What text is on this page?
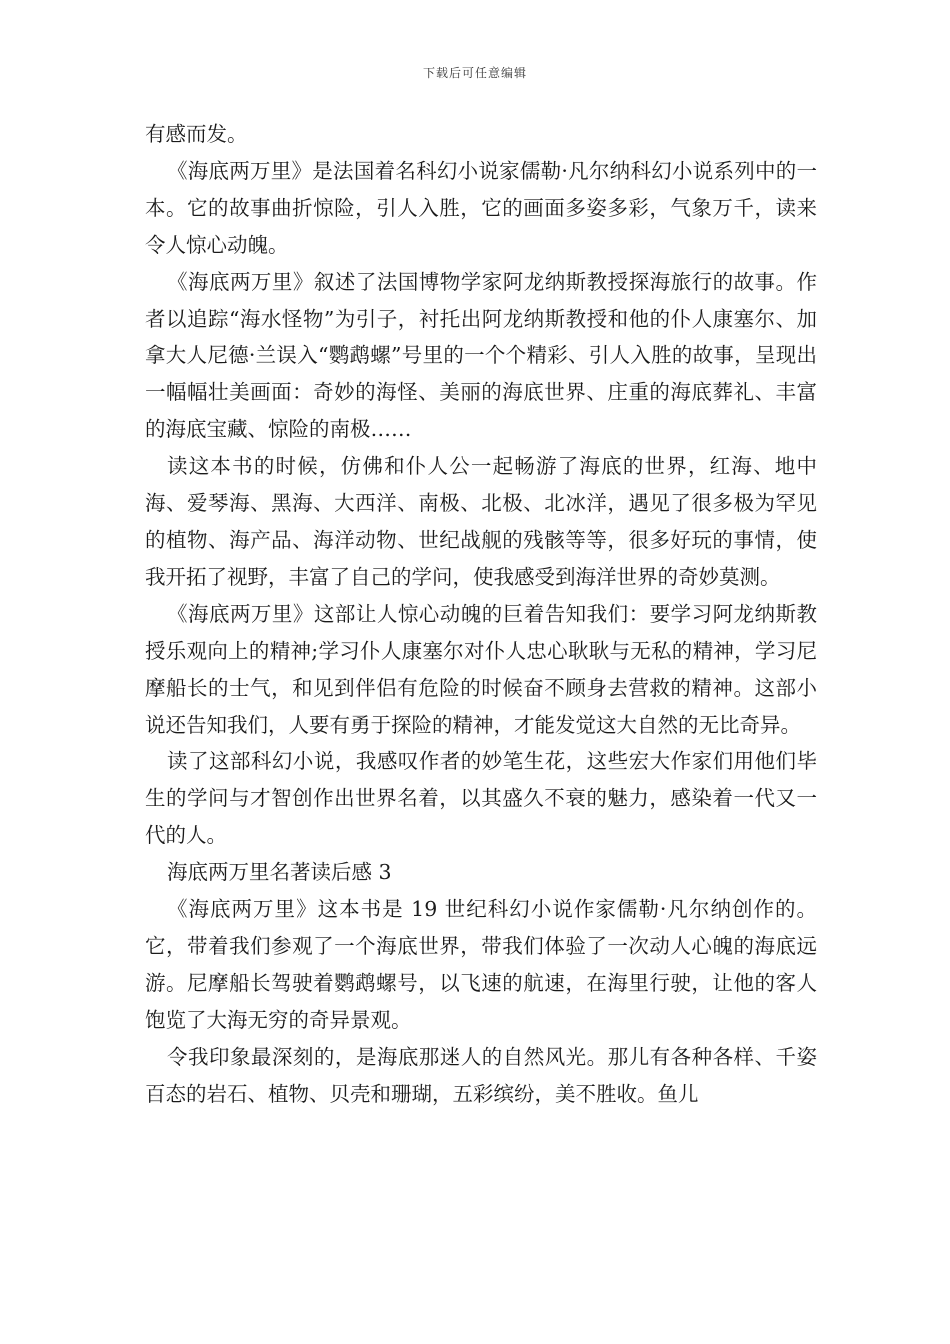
下载后可任意编辑

有感而发。

《海底两万里》是法国着名科幻小说家儒勒·凡尔纳科幻小说系列中的一本。它的故事曲折惊险，引人入胜，它的画面多姿多彩，气象万千，读来令人惊心动魄。

《海底两万里》叙述了法国博物学家阿龙纳斯教授探海旅行的故事。作者以追踪“海水怪物”为引子，衬托出阿龙纳斯教授和他的仆人康塞尔、加拿大人尼德·兰误入“鹦鹉螺”号里的一个个精彩、引人入胜的故事，呈现出一幅幅壮美画面：奇妙的海怪、美丽的海底世界、庄重的海底葬礼、丰富的海底宝藏、惊险的南极……

读这本书的时候，仿佛和仆人公一起畅游了海底的世界，红海、地中海、爱琴海、黑海、大西洋、南极、北极、北冰洋，遇见了很多极为罕见的植物、海产品、海洋动物、世纪战舰的残骸等等，很多好玩的事情，使我开拓了视野，丰富了自己的学问，使我感受到海洋世界的奇妙莫测。

《海底两万里》这部让人惊心动魄的巨着告知我们：要学习阿龙纳斯教授乐观向上的精神;学习仆人康塞尔对仆人忠心耿耿与无私的精神，学习尼摩船长的士气，和见到伴侣有危险的时候奋不顾身去营救的精神。这部小说还告知我们，人要有勇于探险的精神，才能发觉这大自然的无比奇异。

读了这部科幻小说，我感叹作者的妙笔生花，这些宏大作家们用他们毕生的学问与才智创作出世界名着，以其盛久不衰的魅力，感染着一代又一代的人。

海底两万里名著读后感 3

《海底两万里》这本书是 19 世纪科幻小说作家儒勒·凡尔纳创作的。它，带着我们参观了一个海底世界，带我们体验了一次动人心魄的海底远游。尼摩船长驾驶着鹦鹉螺号，以飞速的航速，在海里行驶，让他的客人饱览了大海无穷的奇异景观。

令我印象最深刻的，是海底那迷人的自然风光。那儿有各种各样、千姿百态的岩石、植物、贝壳和珊瑚，五彩缤纷，美不胜收。鱼儿
